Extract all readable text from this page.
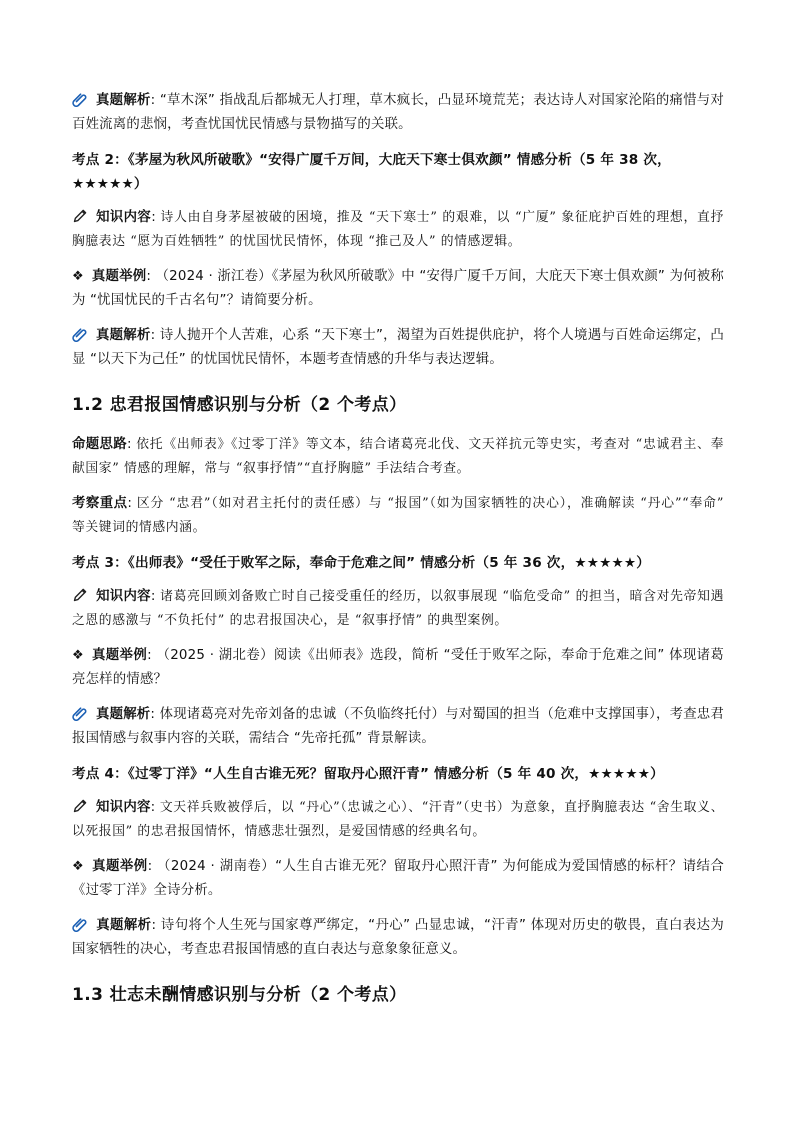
真题解析: “草木深” 指战乱后都城无人打理，草木疯长，凸显环境荒芜；表达诗人对国家沦陷的痛惜与对百姓流离的悲悯，考查忧国忧民情感与景物描写的关联。

考点 2：《茅屋为秋风所破歌》“安得广厦千万间，大庇天下寒士俱欢颜” 情感分析（5 年 38 次，★★★★★）

知识内容: 诗人由自身茅屋被破的困境，推及 “天下寒士” 的艰难，以 “广厦” 象征庇护百姓的理想，直抒胸臆表达 “愿为百姓牺牲” 的忧国忧民情怀，体现 “推己及人” 的情感逻辑。

❖ 真题举例: （2024 · 浙江卷）《茅屋为秋风所破歌》中 “安得广厦千万间，大庇天下寒士俱欢颜” 为何被称为 “忧国忧民的千古名句”？请简要分析。

真题解析: 诗人抛开个人苦难，心系 “天下寒士”，渴望为百姓提供庇护，将个人境遇与百姓命运绑定，凸显 “以天下为己任” 的忧国忧民情怀，本题考查情感的升华与表达逻辑。

1.2 忠君报国情感识别与分析（2 个考点）

命题思路: 依托《出师表》《过零丁洋》等文本，结合诸葛亮北伐、文天祥抗元等史实，考查对 “忠诚君主、奉献国家” 情感的理解，常与 “叙事抒情”“直抒胸臆” 手法结合考查。

考察重点: 区分 “忠君”（如对君主托付的责任感）与 “报国”（如为国家牺牲的决心），准确解读 “丹心”“奉命” 等关键词的情感内涵。

考点 3：《出师表》“受任于败军之际，奉命于危难之间” 情感分析（5 年 36 次，★★★★★）

知识内容: 诸葛亮回顾刘备败亡时自己接受重任的经历，以叙事展现 “临危受命” 的担当，暗含对先帝知遇之恩的感激与 “不负托付” 的忠君报国决心，是 “叙事抒情” 的典型案例。

❖ 真题举例: （2025 · 湖北卷）阅读《出师表》选段，简析 “受任于败军之际，奉命于危难之间” 体现诸葛亮怎样的情感？

真题解析: 体现诸葛亮对先帝刘备的忠诚（不负临终托付）与对蜀国的担当（危难中支撑国事），考查忠君报国情感与叙事内容的关联，需结合 “先帝托孤” 背景解读。

考点 4：《过零丁洋》“人生自古谁无死？留取丹心照汗青” 情感分析（5 年 40 次，★★★★★）

知识内容: 文天祥兵败被俘后，以 “丹心”（忠诚之心）、“汗青”（史书）为意象，直抒胸臆表达 “舍生取义、以死报国” 的忠君报国情怀，情感悲壮强烈，是爱国情感的经典名句。

❖ 真题举例: （2024 · 湖南卷）“人生自古谁无死？留取丹心照汗青” 为何能成为爱国情感的标杆？请结合《过零丁洋》全诗分析。

真题解析: 诗句将个人生死与国家尊严绑定，“丹心” 凸显忠诚，“汗青” 体现对历史的敬畏，直白表达为国家牺牲的决心，考查忠君报国情感的直白表达与意象象征意义。

1.3 壮志未酬情感识别与分析（2 个考点）
